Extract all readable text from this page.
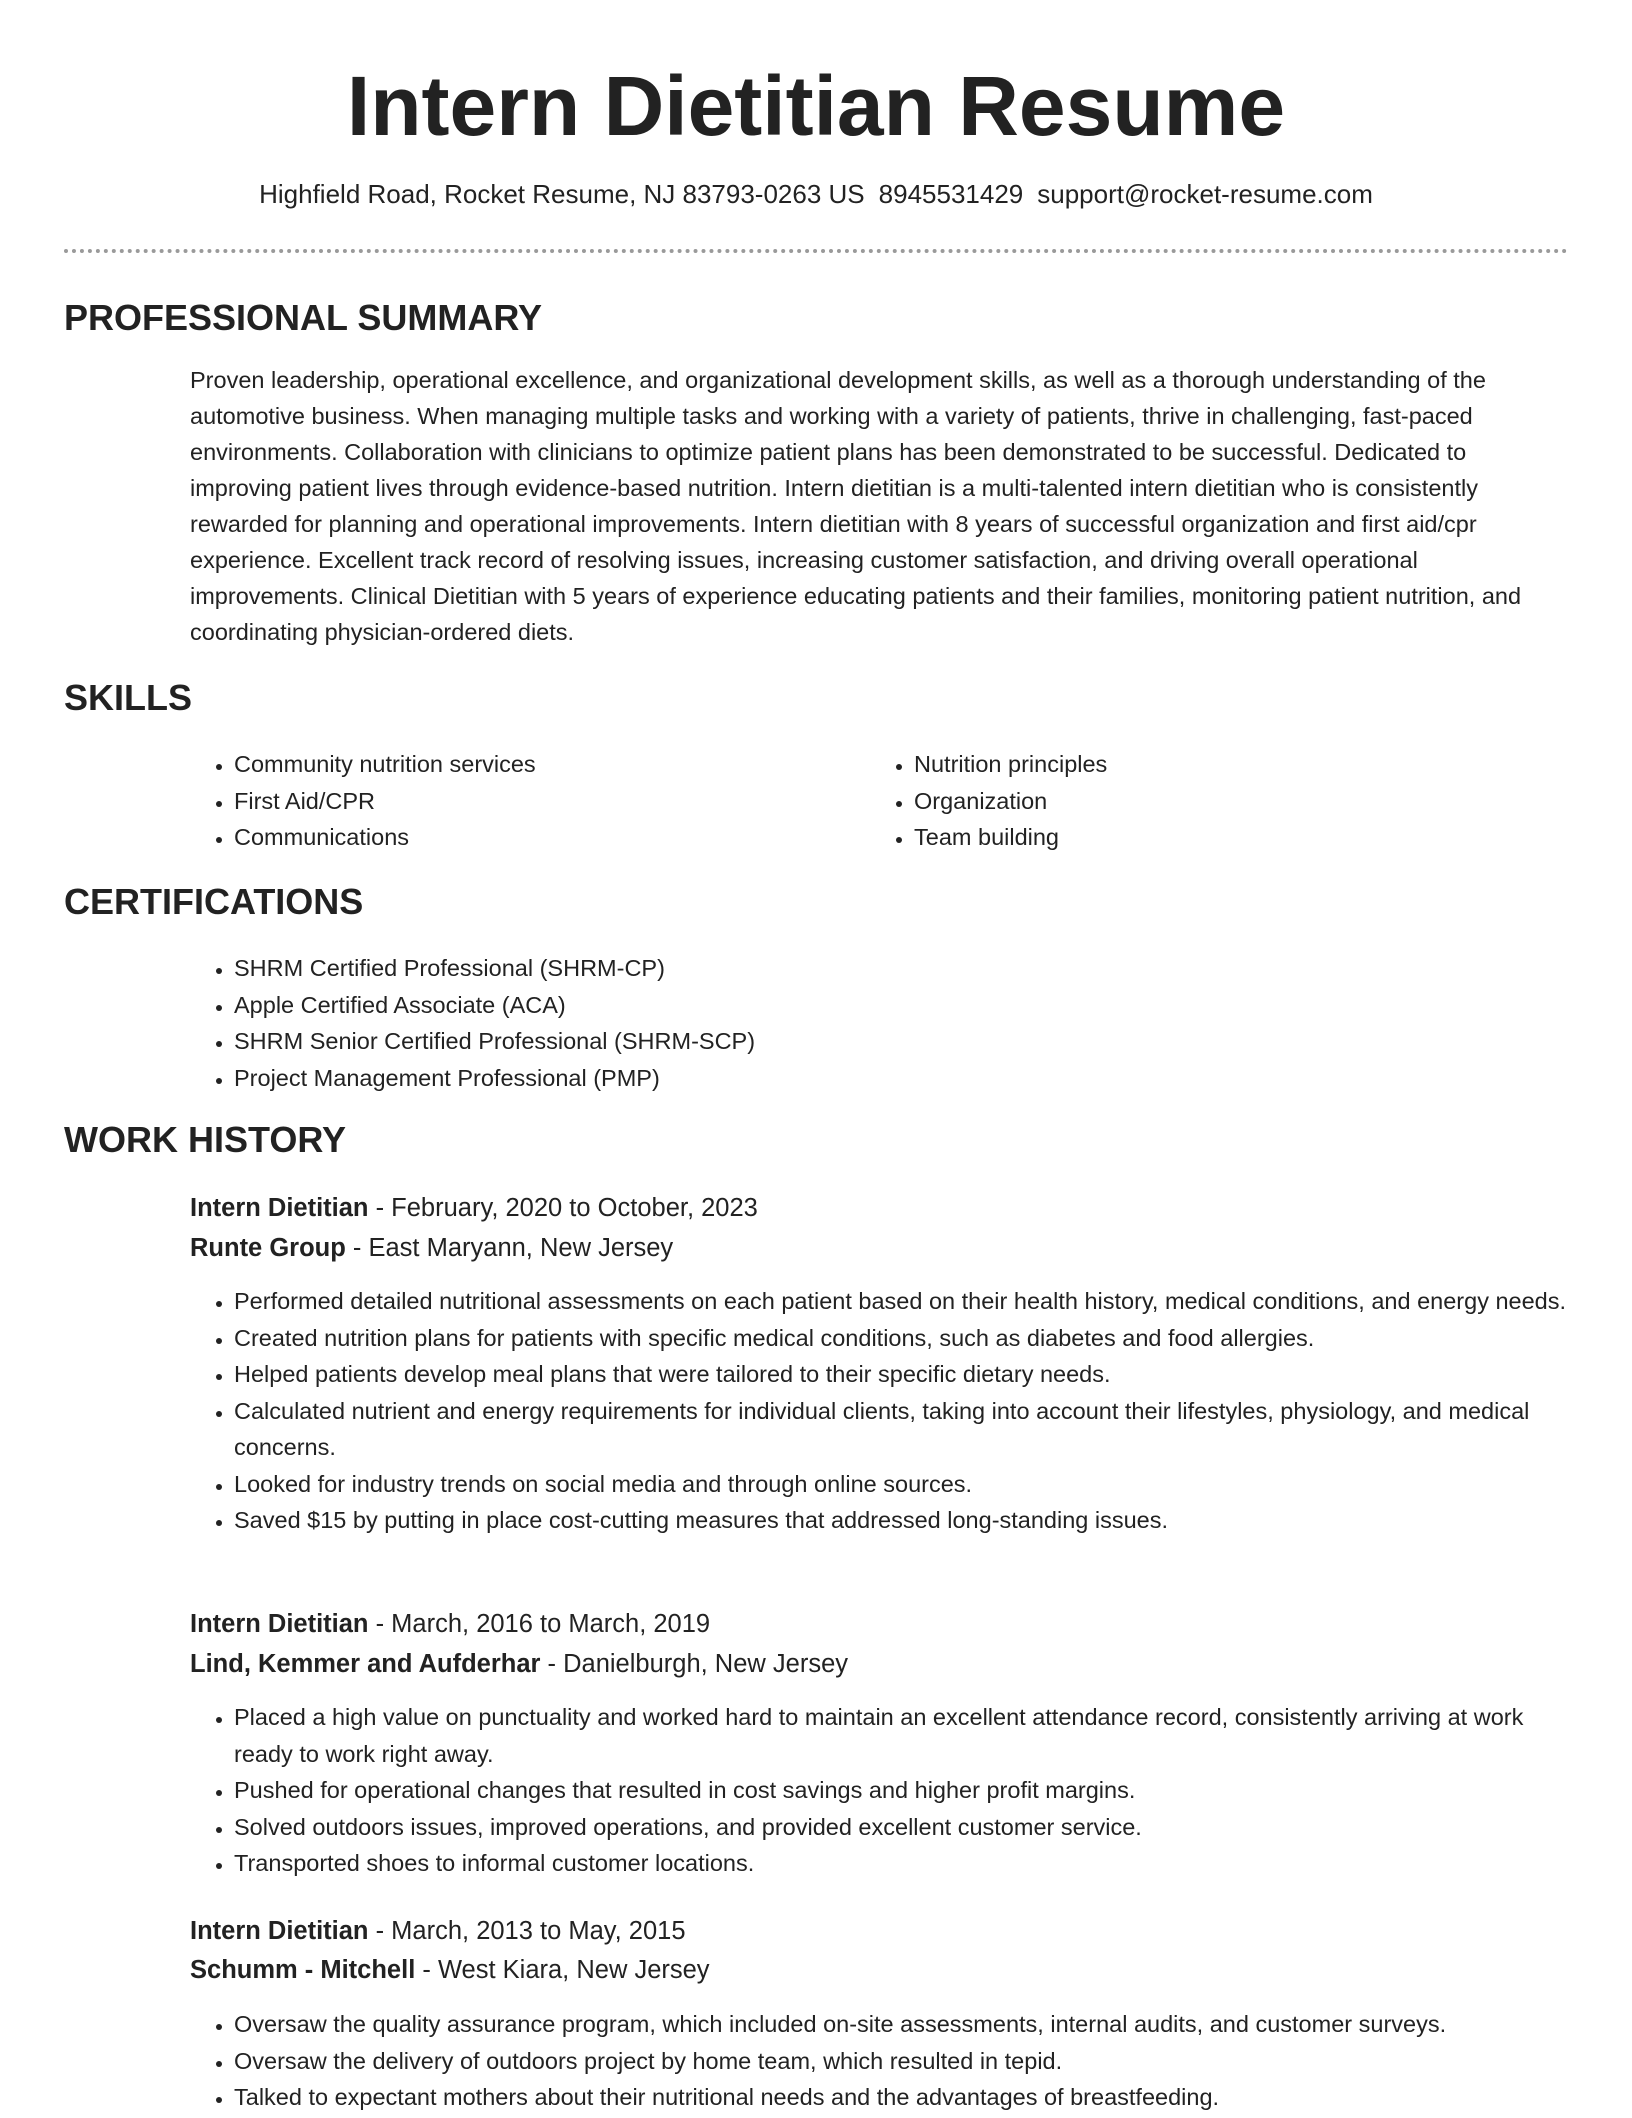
Intern Dietitian Resume
Highfield Road, Rocket Resume, NJ 83793-0263 US 8945531429 support@rocket-resume.com
PROFESSIONAL SUMMARY

Proven leadership, operational excellence, and organizational development skills, as well as a thorough understanding of the automotive business. When managing multiple tasks and working with a variety of patients, thrive in challenging, fast-paced environments. Collaboration with clinicians to optimize patient plans has been demonstrated to be successful. Dedicated to improving patient lives through evidence-based nutrition. Intern dietitian is a multi-talented intern dietitian who is consistently rewarded for planning and operational improvements. Intern dietitian with 8 years of successful organization and first aid/cpr experience. Excellent track record of resolving issues, increasing customer satisfaction, and driving overall operational improvements. Clinical Dietitian with 5 years of experience educating patients and their families, monitoring patient nutrition, and coordinating physician-ordered diets.

SKILLS
• Community nutrition services
• First Aid/CPR
• Communications
• Nutrition principles
• Organization
• Team building
CERTIFICATIONS
• SHRM Certified Professional (SHRM-CP)
• Apple Certified Associate (ACA)
• SHRM Senior Certified Professional (SHRM-SCP)
• Project Management Professional (PMP)
WORK HISTORY

Intern Dietitian - February, 2020 to October, 2023

Runte Group - East Maryann, New Jersey

• Performed detailed nutritional assessments on each patient based on their health history, medical conditions, and energy needs.
• Created nutrition plans for patients with specific medical conditions, such as diabetes and food allergies.
• Helped patients develop meal plans that were tailored to their specific dietary needs.
• Calculated nutrient and energy requirements for individual clients, taking into account their lifestyles, physiology, and medical concerns.
• Looked for industry trends on social media and through online sources.
• Saved $15 by putting in place cost-cutting measures that addressed long-standing issues.

Intern Dietitian - March, 2016 to March, 2019

Lind, Kemmer and Aufderhar - Danielburgh, New Jersey

• Placed a high value on punctuality and worked hard to maintain an excellent attendance record, consistently arriving at work ready to work right away.
• Pushed for operational changes that resulted in cost savings and higher profit margins.
• Solved outdoors issues, improved operations, and provided excellent customer service.
• Transported shoes to informal customer locations.

Intern Dietitian - March, 2013 to May, 2015

Schumm - Mitchell - West Kiara, New Jersey

• Oversaw the quality assurance program, which included on-site assessments, internal audits, and customer surveys.
• Oversaw the delivery of outdoors project by home team, which resulted in tepid.
• Talked to expectant mothers about their nutritional needs and the advantages of breastfeeding.
